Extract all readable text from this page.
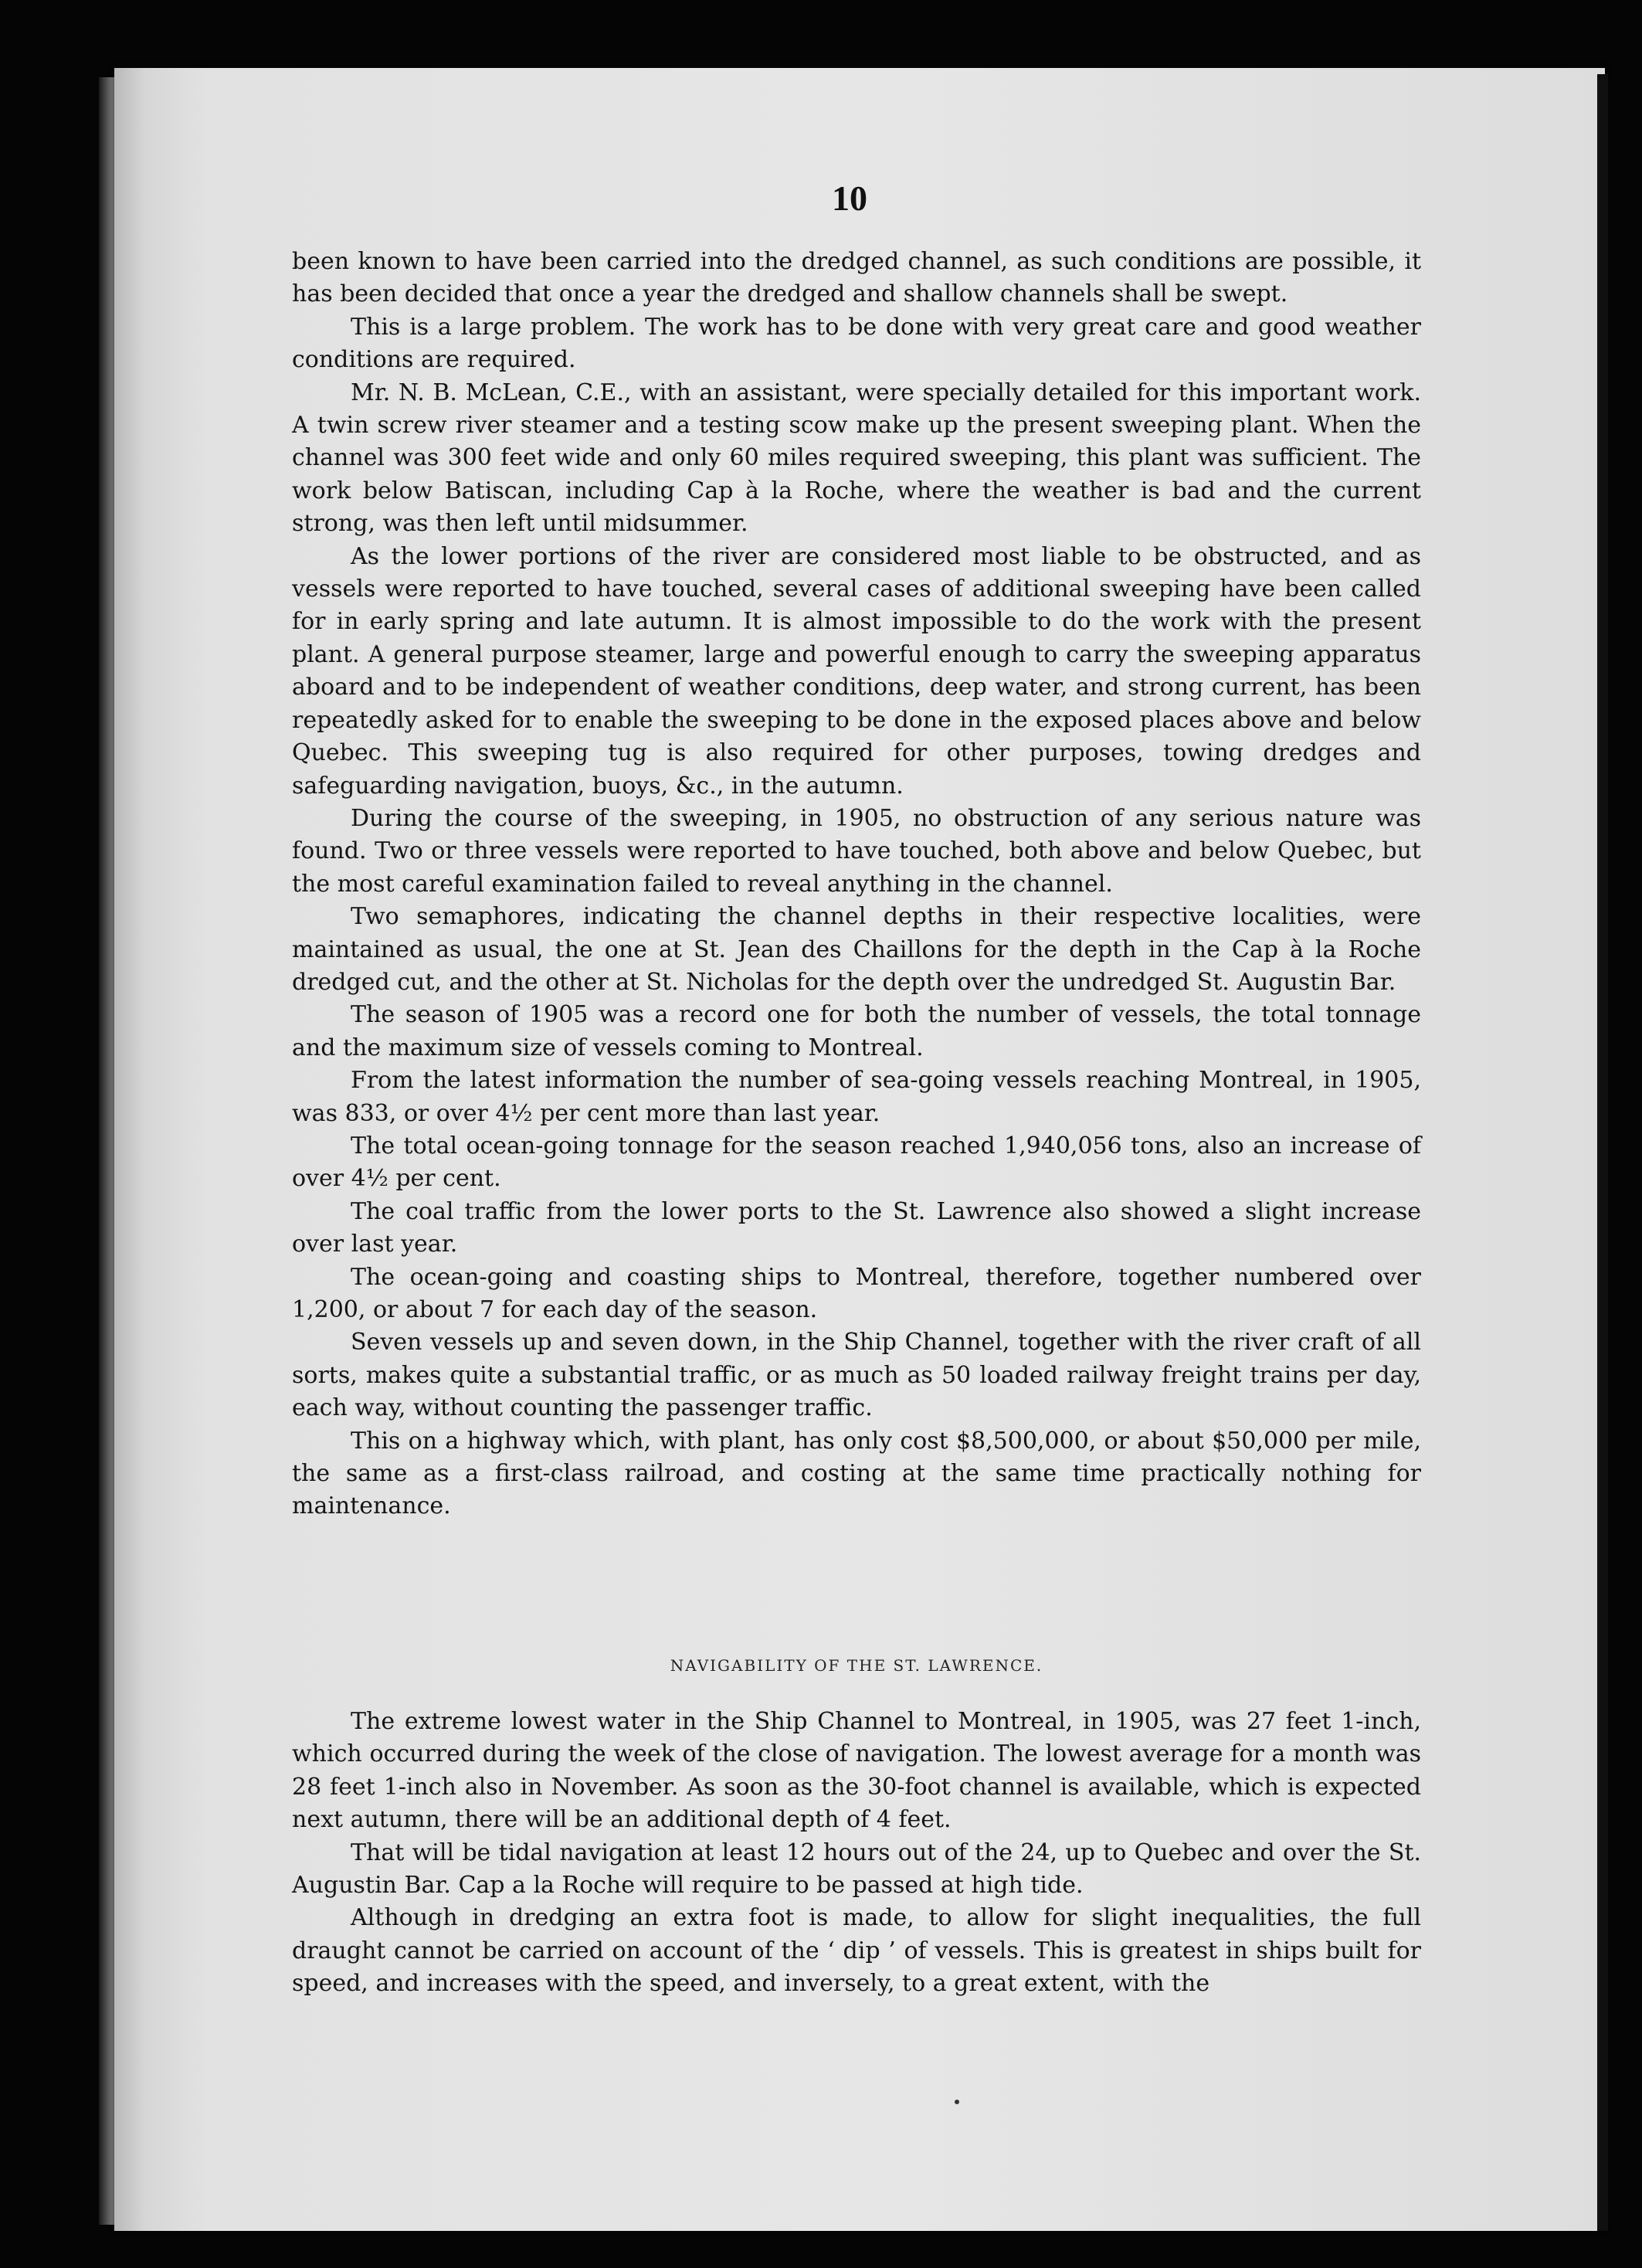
10

been known to have been carried into the dredged channel, as such conditions are possible, it has been decided that once a year the dredged and shallow channels shall be swept.

This is a large problem. The work has to be done with very great care and good weather conditions are required.

Mr. N. B. McLean, C.E., with an assistant, were specially detailed for this important work. A twin screw river steamer and a testing scow make up the present sweeping plant. When the channel was 300 feet wide and only 60 miles required sweeping, this plant was sufficient. The work below Batiscan, including Cap à la Roche, where the weather is bad and the current strong, was then left until midsummer.

As the lower portions of the river are considered most liable to be obstructed, and as vessels were reported to have touched, several cases of additional sweeping have been called for in early spring and late autumn. It is almost impossible to do the work with the present plant. A general purpose steamer, large and powerful enough to carry the sweeping apparatus aboard and to be independent of weather conditions, deep water, and strong current, has been repeatedly asked for to enable the sweeping to be done in the exposed places above and below Quebec. This sweeping tug is also required for other purposes, towing dredges and safeguarding navigation, buoys, &c., in the autumn.

During the course of the sweeping, in 1905, no obstruction of any serious nature was found. Two or three vessels were reported to have touched, both above and below Quebec, but the most careful examination failed to reveal anything in the channel.

Two semaphores, indicating the channel depths in their respective localities, were maintained as usual, the one at St. Jean des Chaillons for the depth in the Cap à la Roche dredged cut, and the other at St. Nicholas for the depth over the undredged St. Augustin Bar.

The season of 1905 was a record one for both the number of vessels, the total tonnage and the maximum size of vessels coming to Montreal.

From the latest information the number of sea-going vessels reaching Montreal, in 1905, was 833, or over 4½ per cent more than last year.

The total ocean-going tonnage for the season reached 1,940,056 tons, also an increase of over 4½ per cent.

The coal traffic from the lower ports to the St. Lawrence also showed a slight increase over last year.

The ocean-going and coasting ships to Montreal, therefore, together numbered over 1,200, or about 7 for each day of the season.

Seven vessels up and seven down, in the Ship Channel, together with the river craft of all sorts, makes quite a substantial traffic, or as much as 50 loaded railway freight trains per day, each way, without counting the passenger traffic.

This on a highway which, with plant, has only cost $8,500,000, or about $50,000 per mile, the same as a first-class railroad, and costing at the same time practically nothing for maintenance.

NAVIGABILITY OF THE ST. LAWRENCE.

The extreme lowest water in the Ship Channel to Montreal, in 1905, was 27 feet 1-inch, which occurred during the week of the close of navigation. The lowest average for a month was 28 feet 1-inch also in November. As soon as the 30-foot channel is available, which is expected next autumn, there will be an additional depth of 4 feet.

That will be tidal navigation at least 12 hours out of the 24, up to Quebec and over the St. Augustin Bar. Cap a la Roche will require to be passed at high tide.

Although in dredging an extra foot is made, to allow for slight inequalities, the full draught cannot be carried on account of the ‘ dip ’ of vessels. This is greatest in ships built for speed, and increases with the speed, and inversely, to a great extent, with the
